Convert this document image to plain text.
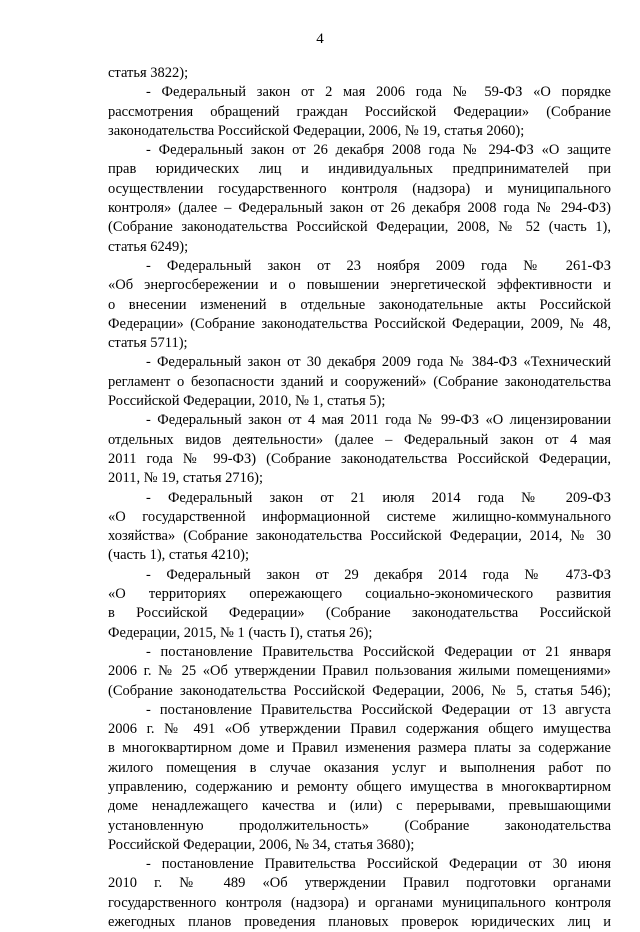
4
статья 3822);
- Федеральный закон от 2 мая 2006 года № 59-ФЗ «О порядке
рассмотрения обращений граждан Российской Федерации» (Собрание
законодательства Российской Федерации, 2006, № 19, статья 2060);
- Федеральный закон от 26 декабря 2008 года № 294-ФЗ «О защите
прав юридических лиц и индивидуальных предпринимателей при
осуществлении государственного контроля (надзора) и муниципального
контроля» (далее – Федеральный закон от 26 декабря 2008 года № 294-ФЗ)
(Собрание законодательства Российской Федерации, 2008, № 52 (часть 1),
статья 6249);
- Федеральный закон от 23 ноября 2009 года № 261-ФЗ
«Об энергосбережении и о повышении энергетической эффективности и
о внесении изменений в отдельные законодательные акты Российской
Федерации» (Собрание законодательства Российской Федерации, 2009, № 48,
статья 5711);
- Федеральный закон от 30 декабря 2009 года № 384-ФЗ «Технический
регламент о безопасности зданий и сооружений» (Собрание законодательства
Российской Федерации, 2010, № 1, статья 5);
- Федеральный закон от 4 мая 2011 года № 99-ФЗ «О лицензировании
отдельных видов деятельности» (далее – Федеральный закон от 4 мая
2011 года № 99-ФЗ) (Собрание законодательства Российской Федерации,
2011, № 19, статья 2716);
- Федеральный закон от 21 июля 2014 года № 209-ФЗ
«О государственной информационной системе жилищно-коммунального
хозяйства» (Собрание законодательства Российской Федерации, 2014, № 30
(часть 1), статья 4210);
- Федеральный закон от 29 декабря 2014 года № 473-ФЗ
«О территориях опережающего социально-экономического развития
в Российской Федерации» (Собрание законодательства Российской
Федерации, 2015, № 1 (часть I), статья 26);
- постановление Правительства Российской Федерации от 21 января
2006 г. № 25 «Об утверждении Правил пользования жилыми помещениями»
(Собрание законодательства Российской Федерации, 2006, № 5, статья 546);
- постановление Правительства Российской Федерации от 13 августа
2006 г. № 491 «Об утверждении Правил содержания общего имущества
в многоквартирном доме и Правил изменения размера платы за содержание
жилого помещения в случае оказания услуг и выполнения работ по
управлению, содержанию и ремонту общего имущества в многоквартирном
доме ненадлежащего качества и (или) с перерывами, превышающими
установленную продолжительность» (Собрание законодательства
Российской Федерации, 2006, № 34, статья 3680);
- постановление Правительства Российской Федерации от 30 июня
2010 г. № 489 «Об утверждении Правил подготовки органами
государственного контроля (надзора) и органами муниципального контроля
ежегодных планов проведения плановых проверок юридических лиц и
